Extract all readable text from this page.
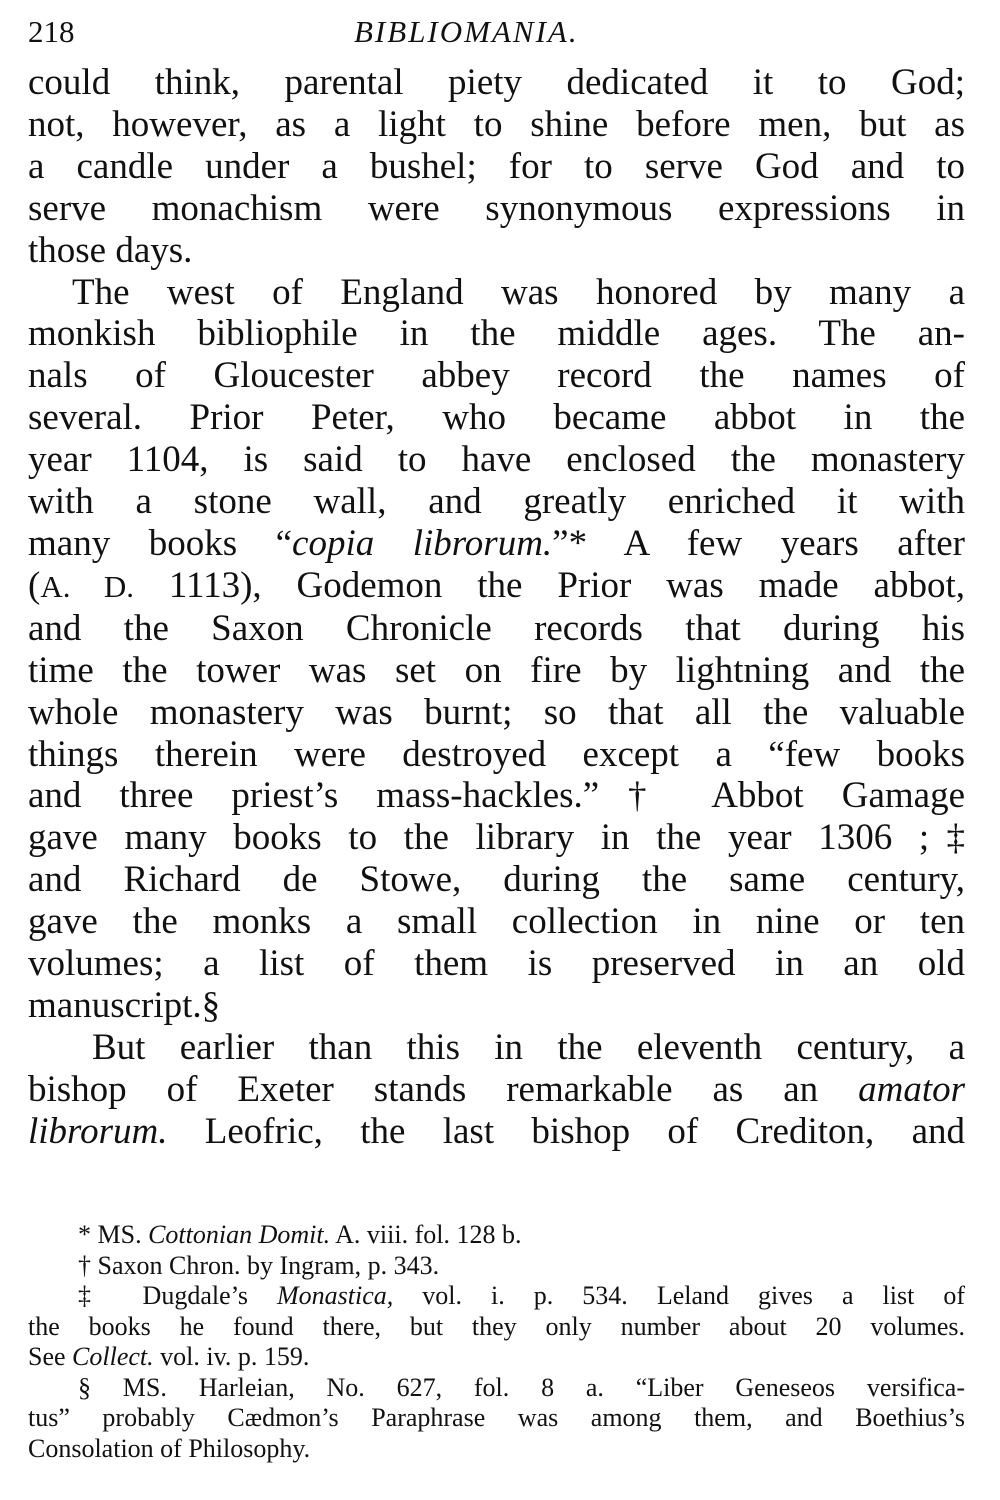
218	BIBLIOMANIA.

could think, parental piety dedicated it to God;
not, however, as a light to shine before men, but as
a candle under a bushel; for to serve God and to
serve monachism were synonymous expressions in
those days.

The west of England was honored by many a
monkish bibliophile in the middle ages. The an-
nals of Gloucester abbey record the names of
several. Prior Peter, who became abbot in the
year 1104, is said to have enclosed the monastery
with a stone wall, and greatly enriched it with
many books “copia librorum.”* A few years after
(A. D. 1113), Godemon the Prior was made abbot,
and the Saxon Chronicle records that during his
time the tower was set on fire by lightning and the
whole monastery was burnt; so that all the valuable
things therein were destroyed except a “few books
and three priest’s mass-hackles.”† Abbot Gamage
gave many books to the library in the year 1306 ;‡
and Richard de Stowe, during the same century,
gave the monks a small collection in nine or ten
volumes; a list of them is preserved in an old
manuscript.§

But earlier than this in the eleventh century, a
bishop of Exeter stands remarkable as an amator
librorum. Leofric, the last bishop of Crediton, and

* MS. Cottonian Domit. A. viii. fol. 128 b.

† Saxon Chron. by Ingram, p. 343.

‡ Dugdale’s Monastica, vol. i. p. 534. Leland gives a list of
the books he found there, but they only number about 20 volumes.
See Collect. vol. iv. p. 159.

§ MS. Harleian, No. 627, fol. 8 a. “Liber Geneseos versifica-
tus” probably Cædmon’s Paraphrase was among them, and Boethius’s
Consolation of Philosophy.
